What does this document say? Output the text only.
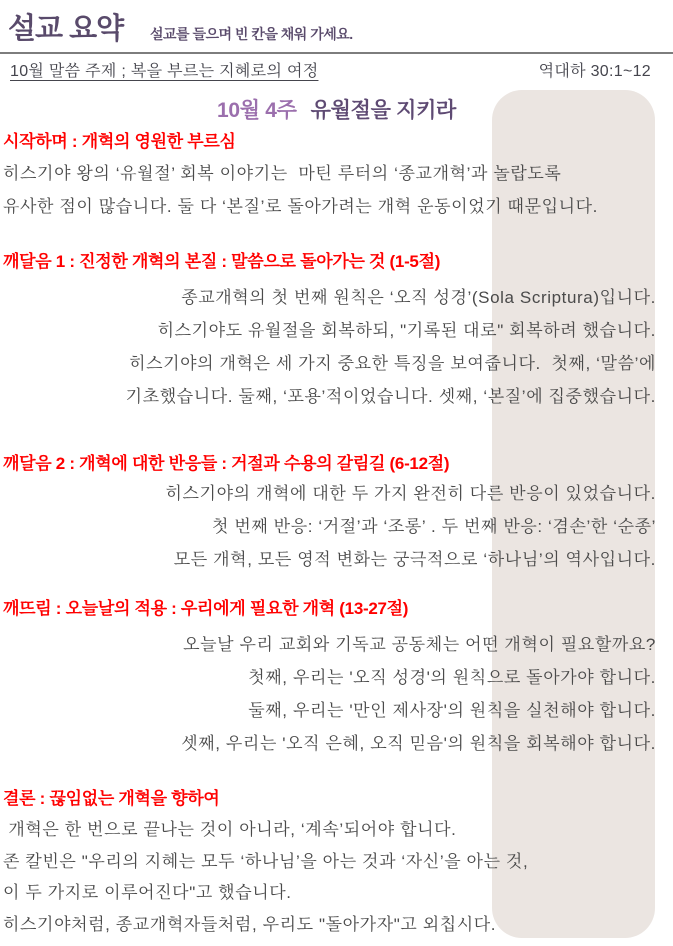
설교 요약 설교를 들으며 빈 칸을 채워 가세요.
10월 말씀 주제 ; 복을 부르는 지혜로의 여정	역대하 30:1~12
10월 4주 유월절을 지키라
시작하며 : 개혁의 영원한 부르심
히스기야 왕의 ‘유월절’ 회복 이야기는  마틴 루터의 ‘종교개혁’과 놀랍도록
유사한 점이 많습니다. 둘 다 ‘본질’로 돌아가려는 개혁 운동이었기 때문입니다.
깨달음 1 : 진정한 개혁의 본질 : 말씀으로 돌아가는 것 (1-5절)
종교개혁의 첫 번째 원칙은 ‘오직 성경’(Sola Scriptura)입니다.
히스기야도 유월절을 회복하되, "기록된 대로" 회복하려 했습니다.
히스기야의 개혁은 세 가지 중요한 특징을 보여줍니다.  첫째, ‘말씀’에
기초했습니다. 둘째, ‘포용’적이었습니다. 셋째, ‘본질’에 집중했습니다.
깨달음 2 : 개혁에 대한 반응들 : 거절과 수용의 갈림길 (6-12절)
히스기야의 개혁에 대한 두 가지 완전히 다른 반응이 있었습니다.
첫 번째 반응: ‘거절’과 ‘조롱’ . 두 번째 반응: ‘겸손’한 ‘순종’
모든 개혁, 모든 영적 변화는 궁극적으로 ‘하나님’의 역사입니다.
깨뜨림 : 오늘날의 적용 : 우리에게 필요한 개혁 (13-27절)
오늘날 우리 교회와 기독교 공동체는 어떤 개혁이 필요할까요?
첫째, 우리는 '오직 성경'의 원칙으로 돌아가야 합니다.
둘째, 우리는 '만인 제사장'의 원칙을 실천해야 합니다.
셋째, 우리는 '오직 은혜, 오직 믿음'의 원칙을 회복해야 합니다.
결론 : 끊임없는 개혁을 향하여
개혁은 한 번으로 끝나는 것이 아니라, ‘계속’되어야 합니다.
존 칼빈은 "우리의 지혜는 모두 ‘하나님’을 아는 것과 ‘자신’을 아는 것,
이 두 가지로 이루어진다"고 했습니다.
히스기야처럼, 종교개혁자들처럼, 우리도 "돌아가자"고 외칩시다.
